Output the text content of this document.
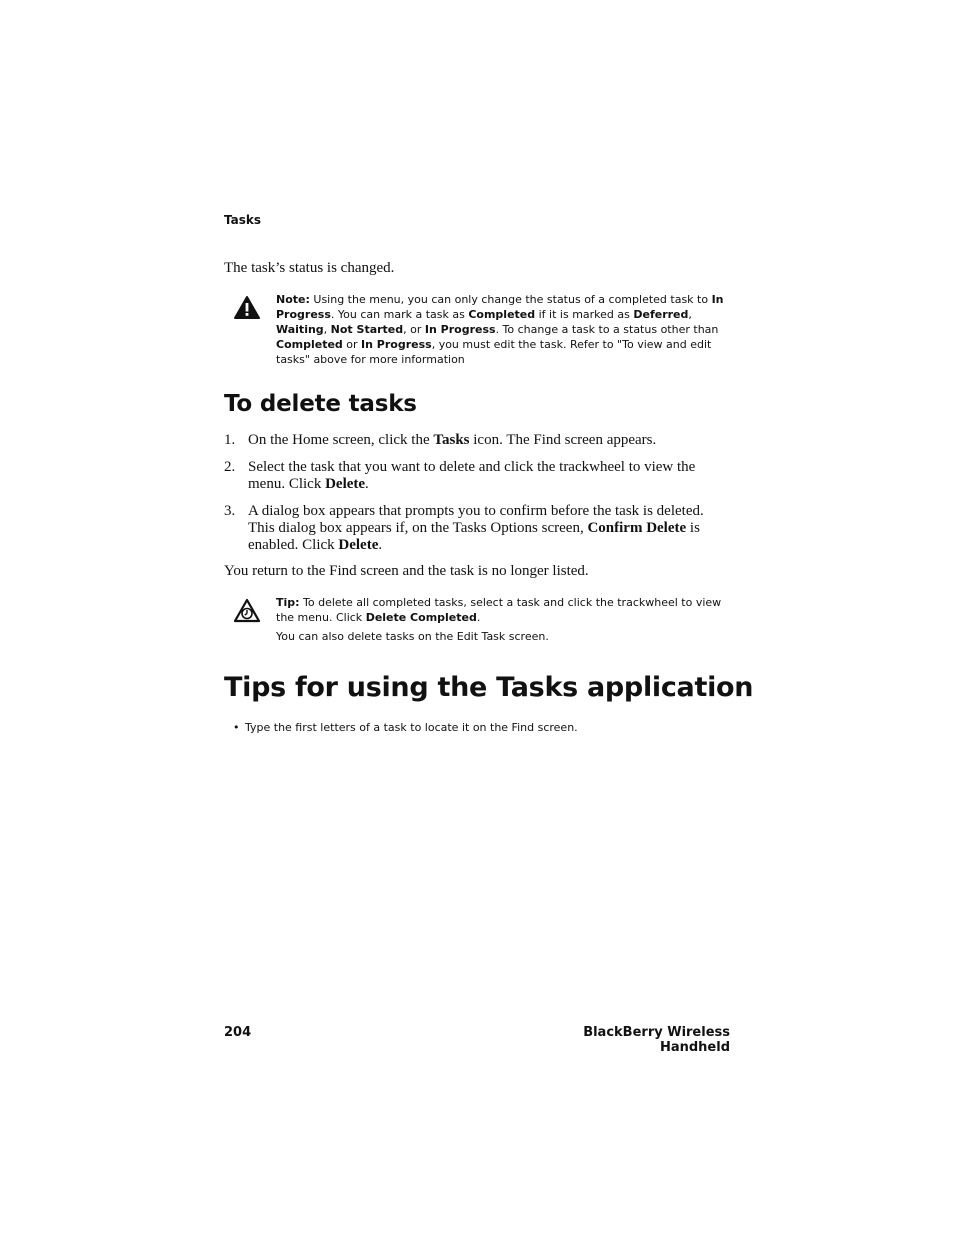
Tasks
The task’s status is changed.
Note: Using the menu, you can only change the status of a completed task to In Progress. You can mark a task as Completed if it is marked as Deferred, Waiting, Not Started, or In Progress. To change a task to a status other than Completed or In Progress, you must edit the task. Refer to "To view and edit tasks" above for more information
To delete tasks
1. On the Home screen, click the Tasks icon. The Find screen appears.
2. Select the task that you want to delete and click the trackwheel to view the menu. Click Delete.
3. A dialog box appears that prompts you to confirm before the task is deleted. This dialog box appears if, on the Tasks Options screen, Confirm Delete is enabled. Click Delete.
You return to the Find screen and the task is no longer listed.
Tip: To delete all completed tasks, select a task and click the trackwheel to view the menu. Click Delete Completed.
You can also delete tasks on the Edit Task screen.
Tips for using the Tasks application
• Type the first letters of a task to locate it on the Find screen.
204	BlackBerry Wireless Handheld
